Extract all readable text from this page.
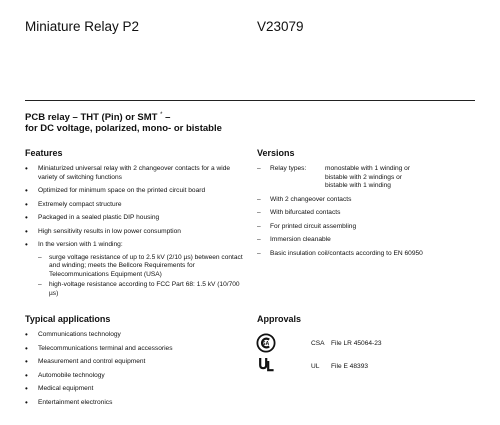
Miniature Relay P2	V23079
PCB relay – THT (Pin) or SMT * –
for DC voltage, polarized, mono- or bistable
Features
• Miniaturized universal relay with 2 changeover contacts for a wide variety of switching functions
• Optimized for minimum space on the printed circuit board
• Extremely compact structure
• Packaged in a sealed plastic DIP housing
• High sensitivity results in low power consumption
• In the version with 1 winding:
– surge voltage resistance of up to 2.5 kV (2/10 µs) between contact and winding; meets the Bellcore Requirements for Telecommunications Equipment (USA)
– high-voltage resistance according to FCC Part 68: 1.5 kV (10/700 µs)
Versions
– Relay types:	monostable with 1 winding or
bistable with 2 windings or
bistable with 1 winding
– With 2 changeover contacts
– With bifurcated contacts
– For printed circuit assembling
– Immersion cleanable
– Basic insulation coil/contacts according to EN 60950
Typical applications
• Communications technology
• Telecommunications terminal and accessories
• Measurement and control equipment
• Automobile technology
• Medical equipment
• Entertainment electronics
Approvals
SA	CSA File LR 45064-23
UL	File E 48393
